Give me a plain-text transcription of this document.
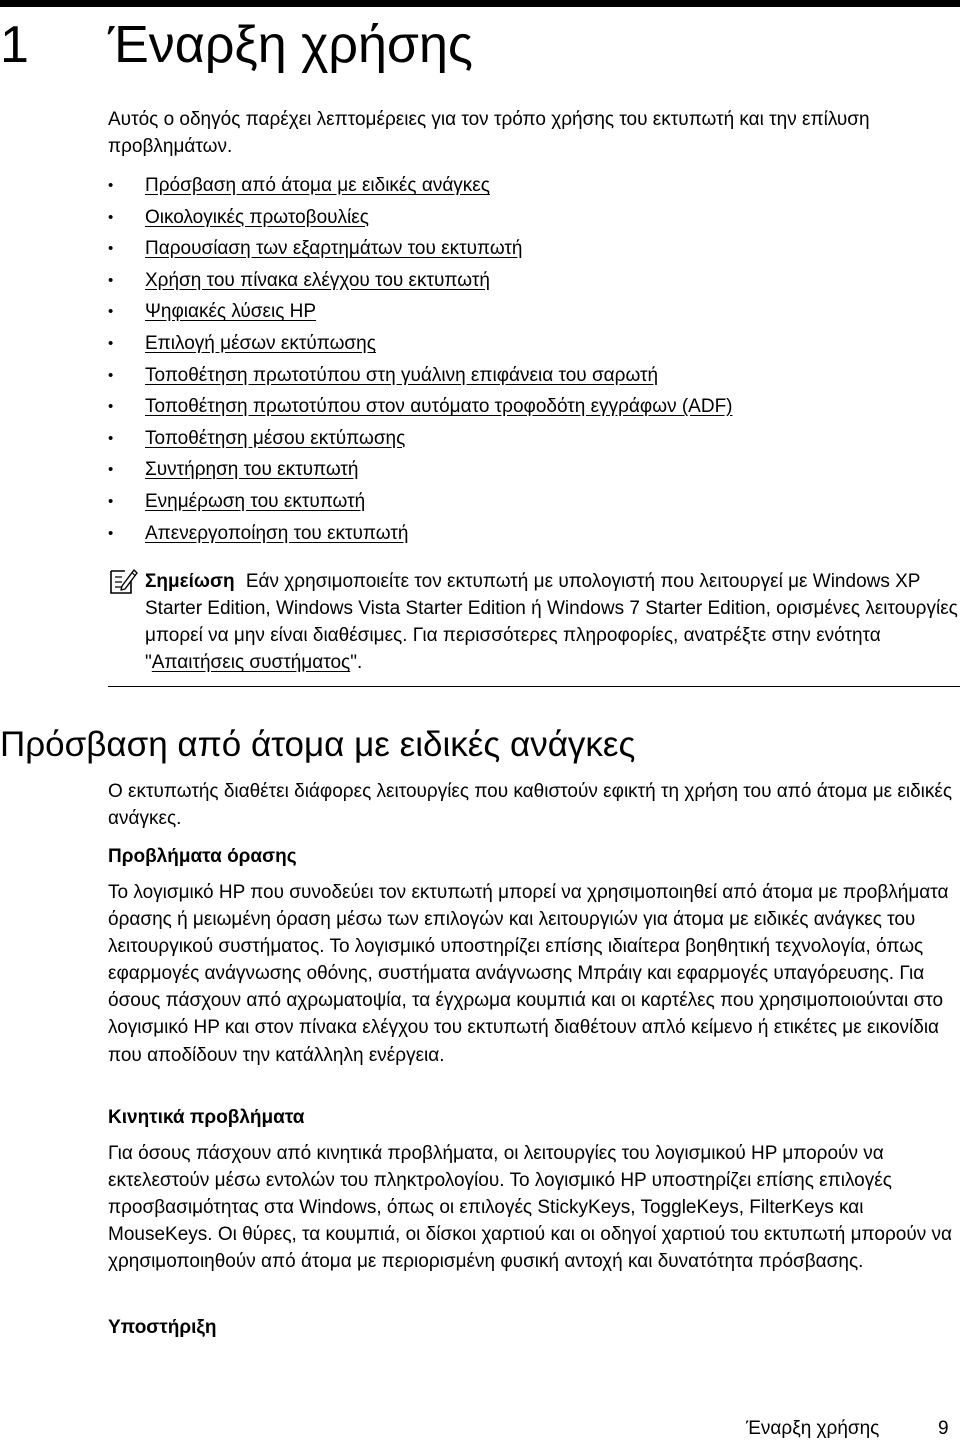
1 Έναρξη χρήσης

Αυτός ο οδηγός παρέχει λεπτομέρειες για τον τρόπο χρήσης του εκτυπωτή και την επίλυση προβλημάτων.

• Πρόσβαση από άτομα με ειδικές ανάγκες
• Οικολογικές πρωτοβουλίες
• Παρουσίαση των εξαρτημάτων του εκτυπωτή
• Χρήση του πίνακα ελέγχου του εκτυπωτή
• Ψηφιακές λύσεις HP
• Επιλογή μέσων εκτύπωσης
• Τοποθέτηση πρωτοτύπου στη γυάλινη επιφάνεια του σαρωτή
• Τοποθέτηση πρωτοτύπου στον αυτόματο τροφοδότη εγγράφων (ADF)
• Τοποθέτηση μέσου εκτύπωσης
• Συντήρηση του εκτυπωτή
• Ενημέρωση του εκτυπωτή
• Απενεργοποίηση του εκτυπωτή

Σημείωση Εάν χρησιμοποιείτε τον εκτυπωτή με υπολογιστή που λειτουργεί με Windows XP Starter Edition, Windows Vista Starter Edition ή Windows 7 Starter Edition, ορισμένες λειτουργίες μπορεί να μην είναι διαθέσιμες. Για περισσότερες πληροφορίες, ανατρέξτε στην ενότητα "Απαιτήσεις συστήματος".

Πρόσβαση από άτομα με ειδικές ανάγκες

Ο εκτυπωτής διαθέτει διάφορες λειτουργίες που καθιστούν εφικτή τη χρήση του από άτομα με ειδικές ανάγκες.

Προβλήματα όρασης

Το λογισμικό HP που συνοδεύει τον εκτυπωτή μπορεί να χρησιμοποιηθεί από άτομα με προβλήματα όρασης ή μειωμένη όραση μέσω των επιλογών και λειτουργιών για άτομα με ειδικές ανάγκες του λειτουργικού συστήματος. Το λογισμικό υποστηρίζει επίσης ιδιαίτερα βοηθητική τεχνολογία, όπως εφαρμογές ανάγνωσης οθόνης, συστήματα ανάγνωσης Μπράιγ και εφαρμογές υπαγόρευσης. Για όσους πάσχουν από αχρωματοψία, τα έγχρωμα κουμπιά και οι καρτέλες που χρησιμοποιούνται στο λογισμικό HP και στον πίνακα ελέγχου του εκτυπωτή διαθέτουν απλό κείμενο ή ετικέτες με εικονίδια που αποδίδουν την κατάλληλη ενέργεια.

Κινητικά προβλήματα

Για όσους πάσχουν από κινητικά προβλήματα, οι λειτουργίες του λογισμικού HP μπορούν να εκτελεστούν μέσω εντολών του πληκτρολογίου. Το λογισμικό HP υποστηρίζει επίσης επιλογές προσβασιμότητας στα Windows, όπως οι επιλογές StickyKeys, ToggleKeys, FilterKeys και MouseKeys. Οι θύρες, τα κουμπιά, οι δίσκοι χαρτιού και οι οδηγοί χαρτιού του εκτυπωτή μπορούν να χρησιμοποιηθούν από άτομα με περιορισμένη φυσική αντοχή και δυνατότητα πρόσβασης.

Υποστήριξη
Έναρξη χρήσης	9
